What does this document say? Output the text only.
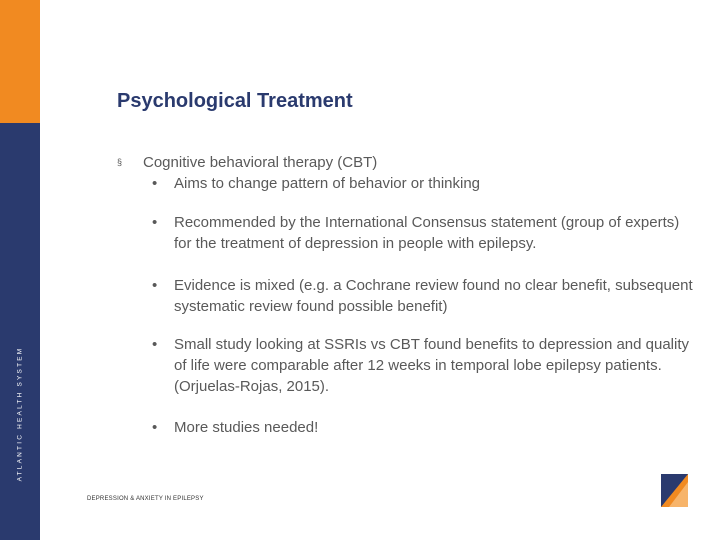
ATLANTIC HEALTH SYSTEM
Psychological Treatment
§ Cognitive behavioral therapy (CBT)
• Aims to change pattern of behavior or thinking
• Recommended by the International Consensus statement (group of experts) for the treatment of depression in people with epilepsy.
• Evidence is mixed (e.g. a Cochrane review found no clear benefit, subsequent systematic review found possible benefit)
• Small study looking at SSRIs vs CBT found benefits to depression and quality of life were comparable after 12 weeks in temporal lobe epilepsy patients. (Orjuelas-Rojas, 2015).
• More studies needed!
DEPRESSION & ANXIETY IN EPILEPSY
